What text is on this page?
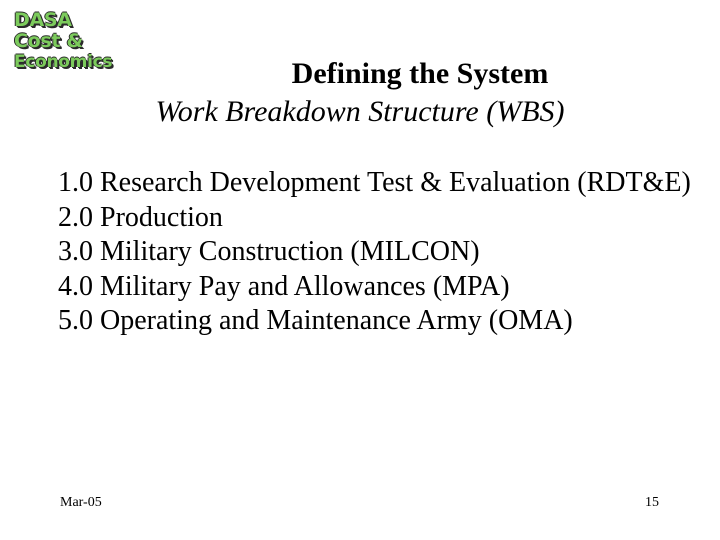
DASA
Cost &
Economics	Defining the System
Work Breakdown Structure (WBS)
1.0 Research Development Test & Evaluation (RDT&E)
2.0 Production
3.0 Military Construction (MILCON)
4.0 Military Pay and Allowances (MPA)
5.0 Operating and Maintenance Army (OMA)
Mar-05	15
